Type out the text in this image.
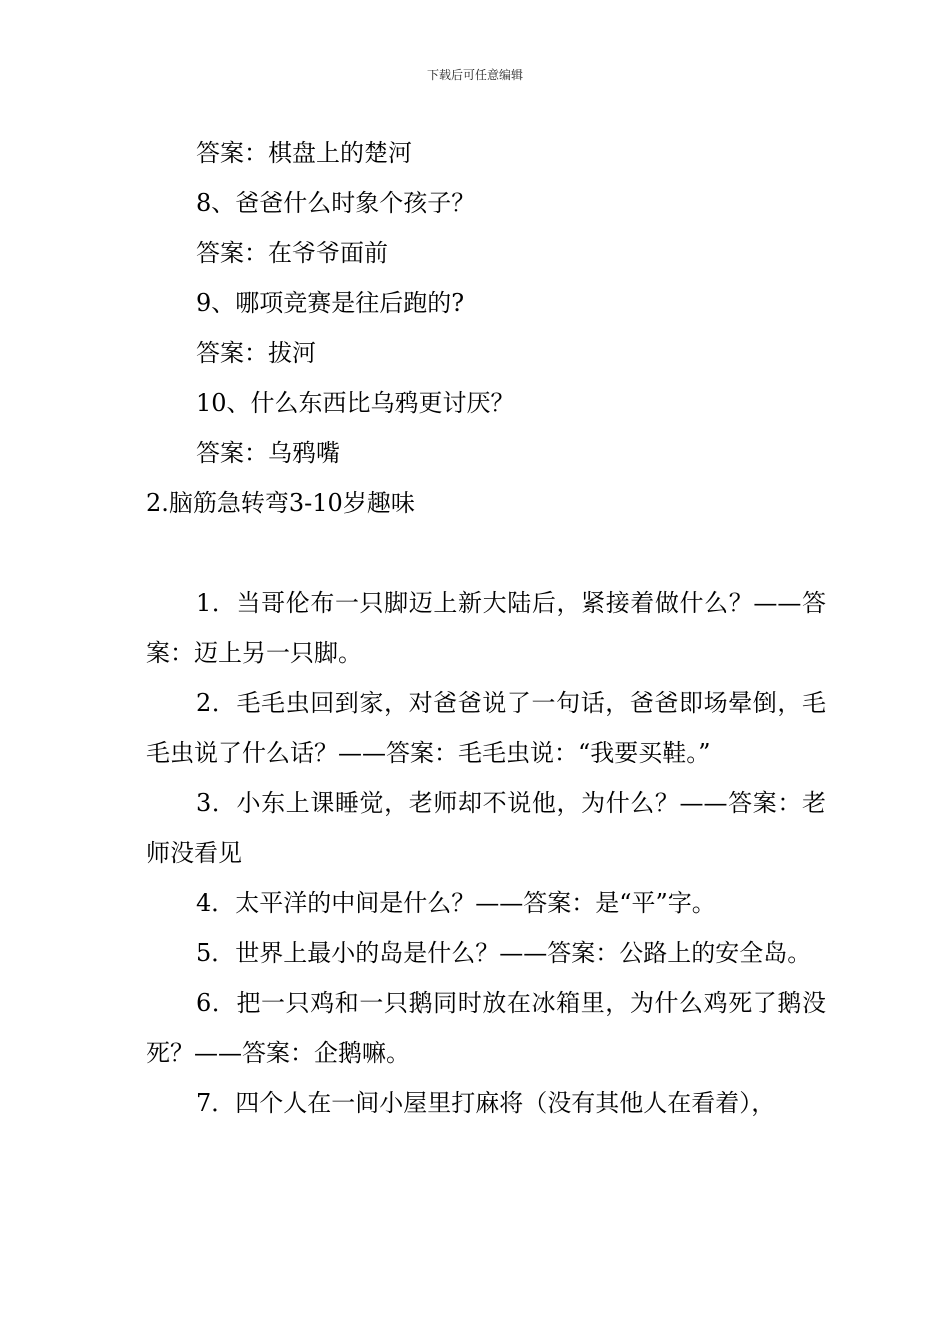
下载后可任意编辑

答案：棋盘上的楚河

8、爸爸什么时象个孩子？

答案：在爷爷面前

9、哪项竞赛是往后跑的?

答案：拔河

10、什么东西比乌鸦更讨厌？

答案：乌鸦嘴

2.脑筋急转弯3-10岁趣味

1．当哥伦布一只脚迈上新大陆后，紧接着做什么？——答案：迈上另一只脚。

2．毛毛虫回到家，对爸爸说了一句话，爸爸即场晕倒，毛毛虫说了什么话？——答案：毛毛虫说：“我要买鞋。”

3．小东上课睡觉，老师却不说他，为什么？——答案：老师没看见

4．太平洋的中间是什么？——答案：是“平”字。

5．世界上最小的岛是什么？——答案：公路上的安全岛。

6．把一只鸡和一只鹅同时放在冰箱里，为什么鸡死了鹅没死？——答案：企鹅嘛。

7．四个人在一间小屋里打麻将（没有其他人在看着），
